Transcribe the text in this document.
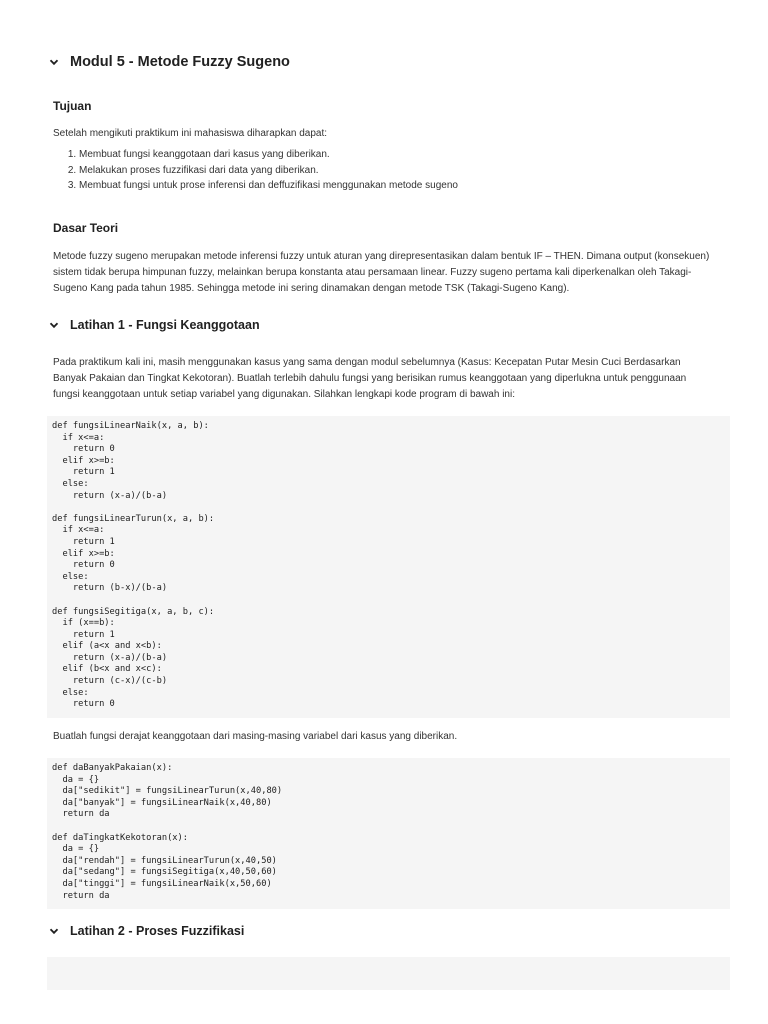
Modul 5 - Metode Fuzzy Sugeno
Tujuan
Setelah mengikuti praktikum ini mahasiswa diharapkan dapat:
1. Membuat fungsi keanggotaan dari kasus yang diberikan.
2. Melakukan proses fuzzifikasi dari data yang diberikan.
3. Membuat fungsi untuk prose inferensi dan deffuzifikasi menggunakan metode sugeno
Dasar Teori
Metode fuzzy sugeno merupakan metode inferensi fuzzy untuk aturan yang direpresentasikan dalam bentuk IF – THEN. Dimana output (konsekuen) sistem tidak berupa himpunan fuzzy, melainkan berupa konstanta atau persamaan linear. Fuzzy sugeno pertama kali diperkenalkan oleh Takagi-Sugeno Kang pada tahun 1985. Sehingga metode ini sering dinamakan dengan metode TSK (Takagi-Sugeno Kang).
Latihan 1 - Fungsi Keanggotaan
Pada praktikum kali ini, masih menggunakan kasus yang sama dengan modul sebelumnya (Kasus: Kecepatan Putar Mesin Cuci Berdasarkan Banyak Pakaian dan Tingkat Kekotoran). Buatlah terlebih dahulu fungsi yang berisikan rumus keanggotaan yang diperlukna untuk penggunaan fungsi keanggotaan untuk setiap variabel yang digunakan. Silahkan lengkapi kode program di bawah ini:
def fungsiLinearNaik(x, a, b):
if x<=a:
return 0
elif x>=b:
return 1
else:
return (x-a)/(b-a)

def fungsiLinearTurun(x, a, b):
if x<=a:
return 1
elif x>=b:
return 0
else:
return (b-x)/(b-a)

def fungsiSegitiga(x, a, b, c):
if (x==b):
return 1
elif (a<x and x<b):
return (x-a)/(b-a)
elif (b<x and x<c):
return (c-x)/(c-b)
else:
return 0
Buatlah fungsi derajat keanggotaan dari masing-masing variabel dari kasus yang diberikan.
def daBanyakPakaian(x):
da = {}
da["sedikit"] = fungsiLinearTurun(x,40,80)
da["banyak"] = fungsiLinearNaik(x,40,80)
return da

def daTingkatKekotoran(x):
da = {}
da["rendah"] = fungsiLinearTurun(x,40,50)
da["sedang"] = fungsiSegitiga(x,40,50,60)
da["tinggi"] = fungsiLinearNaik(x,50,60)
return da
Latihan 2 - Proses Fuzzifikasi
